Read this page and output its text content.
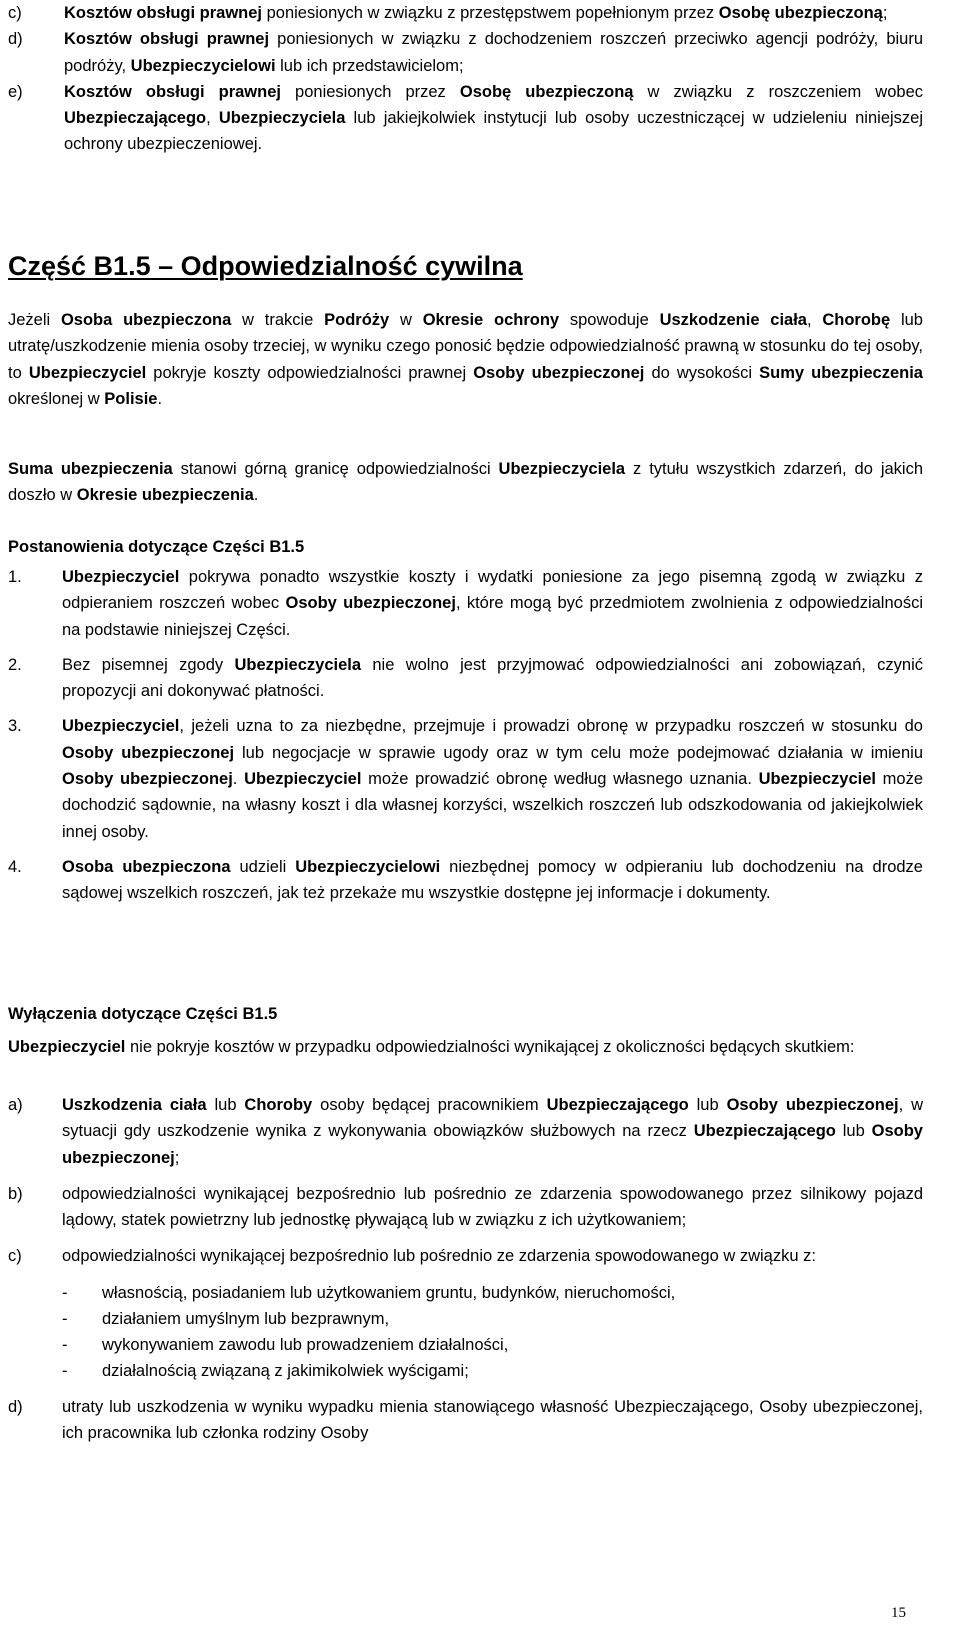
c)	Kosztów obsługi prawnej poniesionych w związku z przestępstwem popełnionym przez Osobę ubezpieczoną;
d)	Kosztów obsługi prawnej poniesionych w związku z dochodzeniem roszczeń przeciwko agencji podróży, biuru podróży, Ubezpieczycielowi lub ich przedstawicielom;
e)	Kosztów obsługi prawnej poniesionych przez Osobę ubezpieczoną w związku z roszczeniem wobec Ubezpieczającego, Ubezpieczyciela lub jakiejkolwiek instytucji lub osoby uczestniczącej w udzieleniu niniejszej ochrony ubezpieczeniowej.
Część B1.5 – Odpowiedzialność cywilna
Jeżeli Osoba ubezpieczona w trakcie Podróży w Okresie ochrony spowoduje Uszkodzenie ciała, Chorobę lub utratę/uszkodzenie mienia osoby trzeciej, w wyniku czego ponosić będzie odpowiedzialność prawną w stosunku do tej osoby, to Ubezpieczyciel pokryje koszty odpowiedzialności prawnej Osoby ubezpieczonej do wysokości Sumy ubezpieczenia określonej w Polisie.
Suma ubezpieczenia stanowi górną granicę odpowiedzialności Ubezpieczyciela z tytułu wszystkich zdarzeń, do jakich doszło w Okresie ubezpieczenia.
Postanowienia dotyczące Części B1.5
1. Ubezpieczyciel pokrywa ponadto wszystkie koszty i wydatki poniesione za jego pisemną zgodą w związku z odpieraniem roszczeń wobec Osoby ubezpieczonej, które mogą być przedmiotem zwolnienia z odpowiedzialności na podstawie niniejszej Części.
2. Bez pisemnej zgody Ubezpieczyciela nie wolno jest przyjmować odpowiedzialności ani zobowiązań, czynić propozycji ani dokonywać płatności.
3. Ubezpieczyciel, jeżeli uzna to za niezbędne, przejmuje i prowadzi obronę w przypadku roszczeń w stosunku do Osoby ubezpieczonej lub negocjacje w sprawie ugody oraz w tym celu może podejmować działania w imieniu Osoby ubezpieczonej. Ubezpieczyciel może prowadzić obronę według własnego uznania. Ubezpieczyciel może dochodzić sądownie, na własny koszt i dla własnej korzyści, wszelkich roszczeń lub odszkodowania od jakiejkolwiek innej osoby.
4. Osoba ubezpieczona udzieli Ubezpieczycielowi niezbędnej pomocy w odpieraniu lub dochodzeniu na drodze sądowej wszelkich roszczeń, jak też przekaże mu wszystkie dostępne jej informacje i dokumenty.
Wyłączenia dotyczące Części B1.5
Ubezpieczyciel nie pokryje kosztów w przypadku odpowiedzialności wynikającej z okoliczności będących skutkiem:
a) Uszkodzenia ciała lub Choroby osoby będącej pracownikiem Ubezpieczającego lub Osoby ubezpieczonej, w sytuacji gdy uszkodzenie wynika z wykonywania obowiązków służbowych na rzecz Ubezpieczającego lub Osoby ubezpieczonej;
b) odpowiedzialności wynikającej bezpośrednio lub pośrednio ze zdarzenia spowodowanego przez silnikowy pojazd lądowy, statek powietrzny lub jednostkę pływającą lub w związku z ich użytkowaniem;
c) odpowiedzialności wynikającej bezpośrednio lub pośrednio ze zdarzenia spowodowanego w związku z:
- własnością, posiadaniem lub użytkowaniem gruntu, budynków, nieruchomości,
- działaniem umyślnym lub bezprawnym,
- wykonywaniem zawodu lub prowadzeniem działalności,
- działalnością związaną z jakimikolwiek wyścigami;
d) utraty lub uszkodzenia w wyniku wypadku mienia stanowiącego własność Ubezpieczającego, Osoby ubezpieczonej, ich pracownika lub członka rodziny Osoby
15
